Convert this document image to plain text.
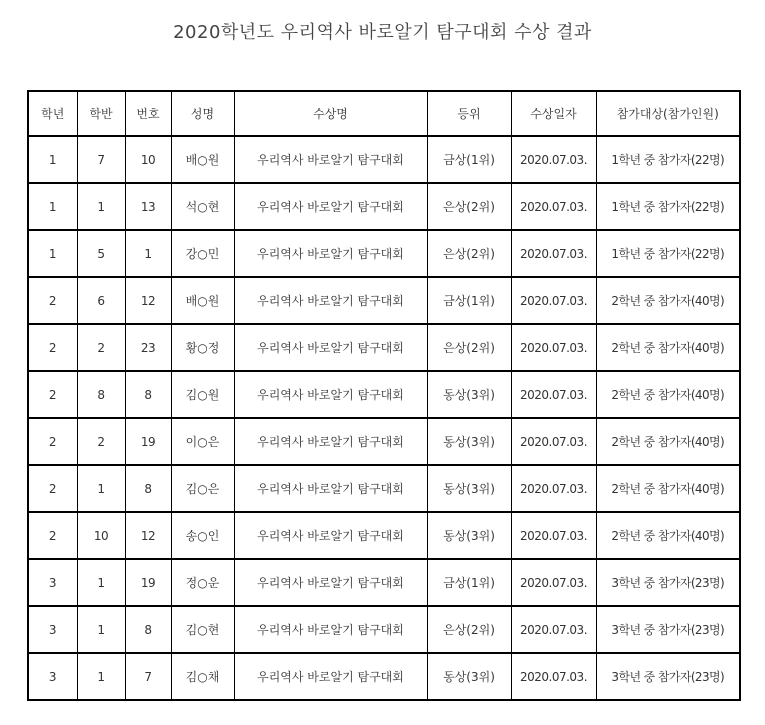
2020학년도 우리역사 바로알기 탐구대회 수상 결과
학년	학반	번호	성명	수상명	등위	수상일자	참가대상(참가인원)
1	7	10	배○원	우리역사 바로알기 탐구대회	금상(1위)	2020.07.03.	1학년 중 참가자(22명)
1	1	13	석○현	우리역사 바로알기 탐구대회	은상(2위)	2020.07.03.	1학년 중 참가자(22명)
1	5	1	강○민	우리역사 바로알기 탐구대회	은상(2위)	2020.07.03.	1학년 중 참가자(22명)
2	6	12	배○원	우리역사 바로알기 탐구대회	금상(1위)	2020.07.03.	2학년 중 참가자(40명)
2	2	23	황○정	우리역사 바로알기 탐구대회	은상(2위)	2020.07.03.	2학년 중 참가자(40명)
2	8	8	김○원	우리역사 바로알기 탐구대회	동상(3위)	2020.07.03.	2학년 중 참가자(40명)
2	2	19	이○은	우리역사 바로알기 탐구대회	동상(3위)	2020.07.03.	2학년 중 참가자(40명)
2	1	8	김○은	우리역사 바로알기 탐구대회	동상(3위)	2020.07.03.	2학년 중 참가자(40명)
2	10	12	송○인	우리역사 바로알기 탐구대회	동상(3위)	2020.07.03.	2학년 중 참가자(40명)
3	1	19	정○운	우리역사 바로알기 탐구대회	금상(1위)	2020.07.03.	3학년 중 참가자(23명)
3	1	8	김○현	우리역사 바로알기 탐구대회	은상(2위)	2020.07.03.	3학년 중 참가자(23명)
3	1	7	김○채	우리역사 바로알기 탐구대회	동상(3위)	2020.07.03.	3학년 중 참가자(23명)
